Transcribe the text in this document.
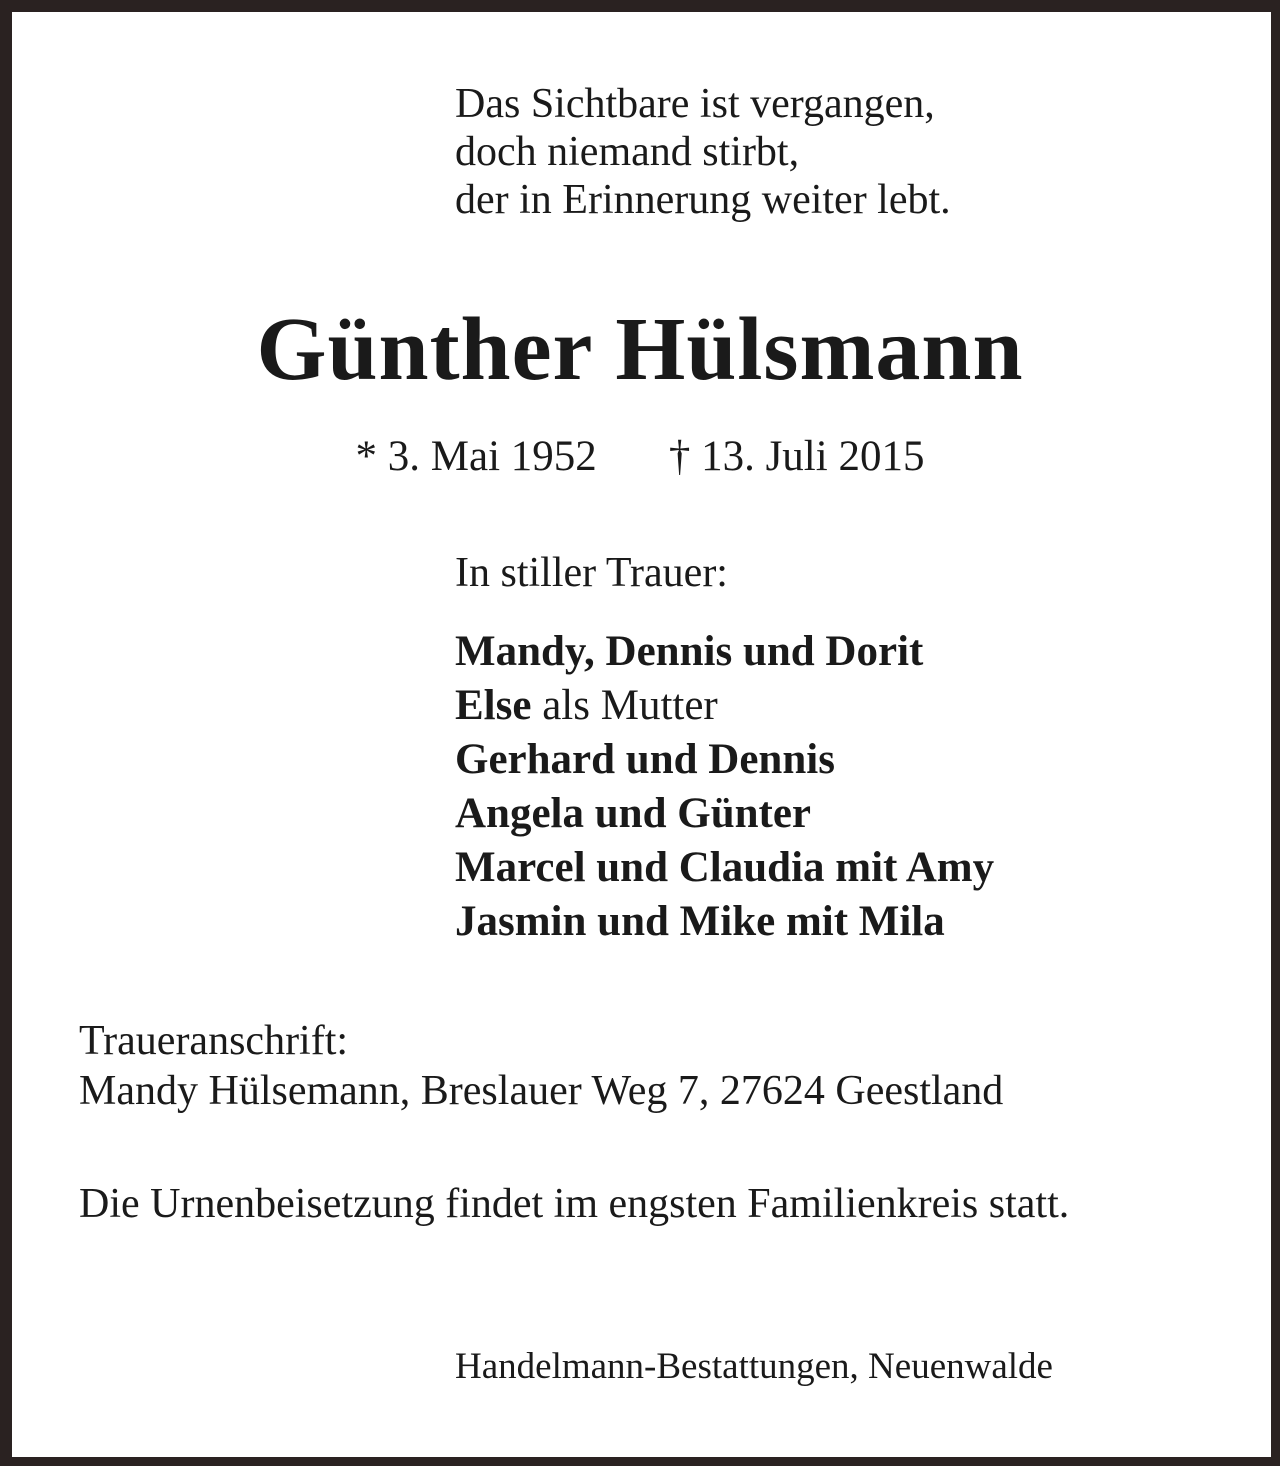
Das Sichtbare ist vergangen,
doch niemand stirbt,
der in Erinnerung weiter lebt.
Günther Hülsmann
* 3. Mai 1952 † 13. Juli 2015
In stiller Trauer:
Mandy, Dennis und Dorit
Else als Mutter
Gerhard und Dennis
Angela und Günter
Marcel und Claudia mit Amy
Jasmin und Mike mit Mila
Traueranschrift:
Mandy Hülsemann, Breslauer Weg 7, 27624 Geestland
Die Urnenbeisetzung findet im engsten Familienkreis statt.
Handelmann-Bestattungen, Neuenwalde
